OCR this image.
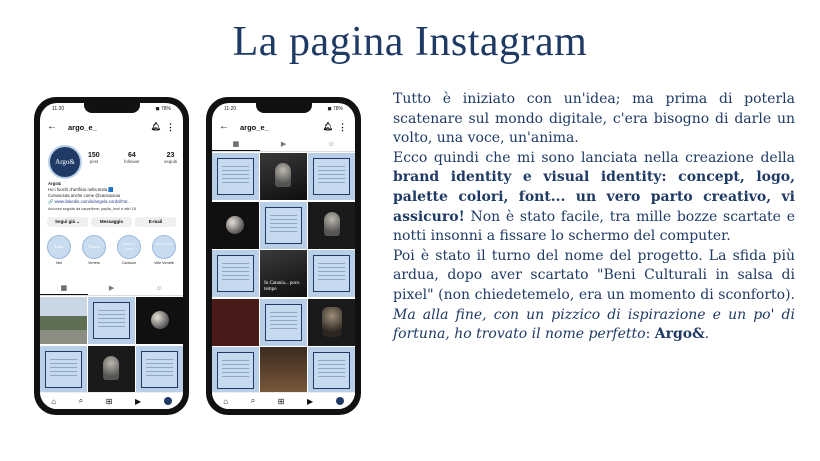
La pagina Instagram
11:20	◼ 78%
← argo_e_	🔔︎ ⋮
Argo&
150
post
64
follower
23
seguiti
Argo&
Ho i fuochi d'artificio nella testa 🟦
Conosciuta anche come @cactussoia
🔗 www.linkedin.com/in/angela-cordoll?ut...
Account seguito da carpellone, yaylla_hoo! e altri 18
Segui già ⌄	Messaggio	E-mail
Libri
libri
Veneto
Veneto
Selvatico Cordoll
Cardoce
Ville venete
Ville Venete
▦	▶	☺
⌂	⌕	⊞	▶
11:20	◼ 78%
← argo_e_	🔔︎ ⋮
▦	▶	☺
In Catania... poco tempo
⌂	⌕	⊞	▶

Tutto è iniziato con un'idea; ma prima di poterla scatenare sul mondo digitale, c'era bisogno di darle un volto, una voce, un'anima.

Ecco quindi che mi sono lanciata nella creazione della brand identity e visual identity: concept, logo, palette colori, font... un vero parto creativo, vi assicuro! Non è stato facile, tra mille bozze scartate e notti insonni a fissare lo schermo del computer.

Poi è stato il turno del nome del progetto. La sfida più ardua, dopo aver scartato "Beni Culturali in salsa di pixel" (non chiedetemelo, era un momento di sconforto). Ma alla fine, con un pizzico di ispirazione e un po' di fortuna, ho trovato il nome perfetto: Argo&.
